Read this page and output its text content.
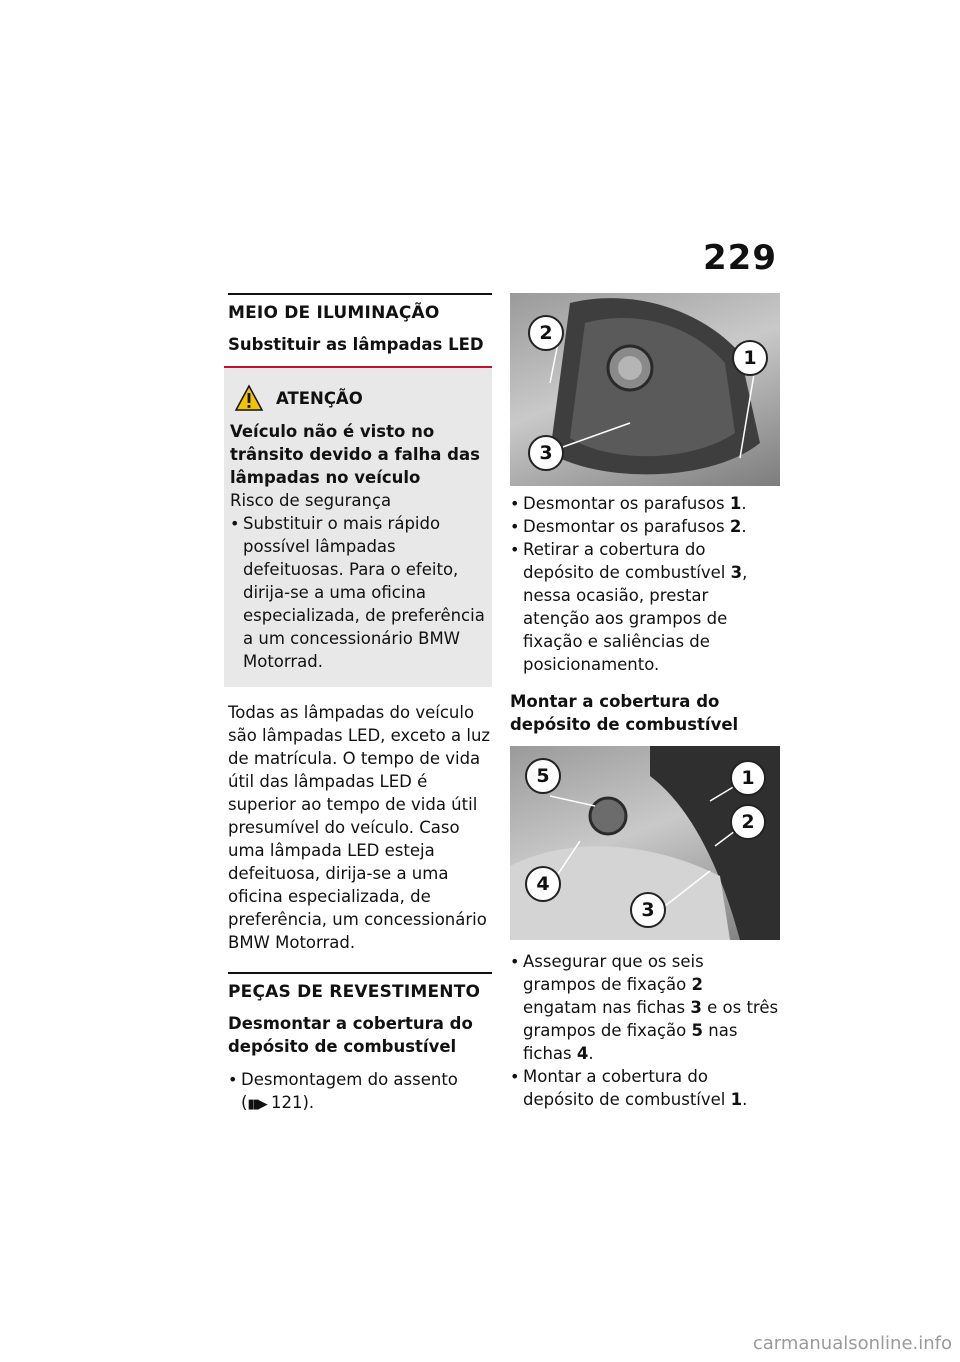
229
MEIO DE ILUMINAÇÃO
Substituir as lâmpadas LED
ATENÇÃO
Veículo não é visto no trânsito devido a falha das lâmpadas no veículo
Risco de segurança
• Substituir o mais rápido possível lâmpadas defeituosas. Para o efeito, dirija-se a uma oficina especializada, de preferência a um concessionário BMW Motorrad.
Todas as lâmpadas do veículo são lâmpadas LED, exceto a luz de matrícula. O tempo de vida útil das lâmpadas LED é superior ao tempo de vida útil presumível do veículo. Caso uma lâmpada LED esteja defeituosa, dirija-se a uma oficina especializada, de preferência, um concessionário BMW Motorrad.
PEÇAS DE REVESTIMENTO
Desmontar a cobertura do depósito de combustível
• Desmontagem do assento
(▮▮▶ 121).
2
1
3
• Desmontar os parafusos 1.
• Desmontar os parafusos 2.
• Retirar a cobertura do depósito de combustível 3, nessa ocasião, prestar atenção aos grampos de fixação e saliências de posicionamento.
Montar a cobertura do depósito de combustível
5	1
2
4
3
• Assegurar que os seis grampos de fixação 2 engatam nas fichas 3 e os três grampos de fixação 5 nas fichas 4.
• Montar a cobertura do depósito de combustível 1.
carmanualsonline.info
